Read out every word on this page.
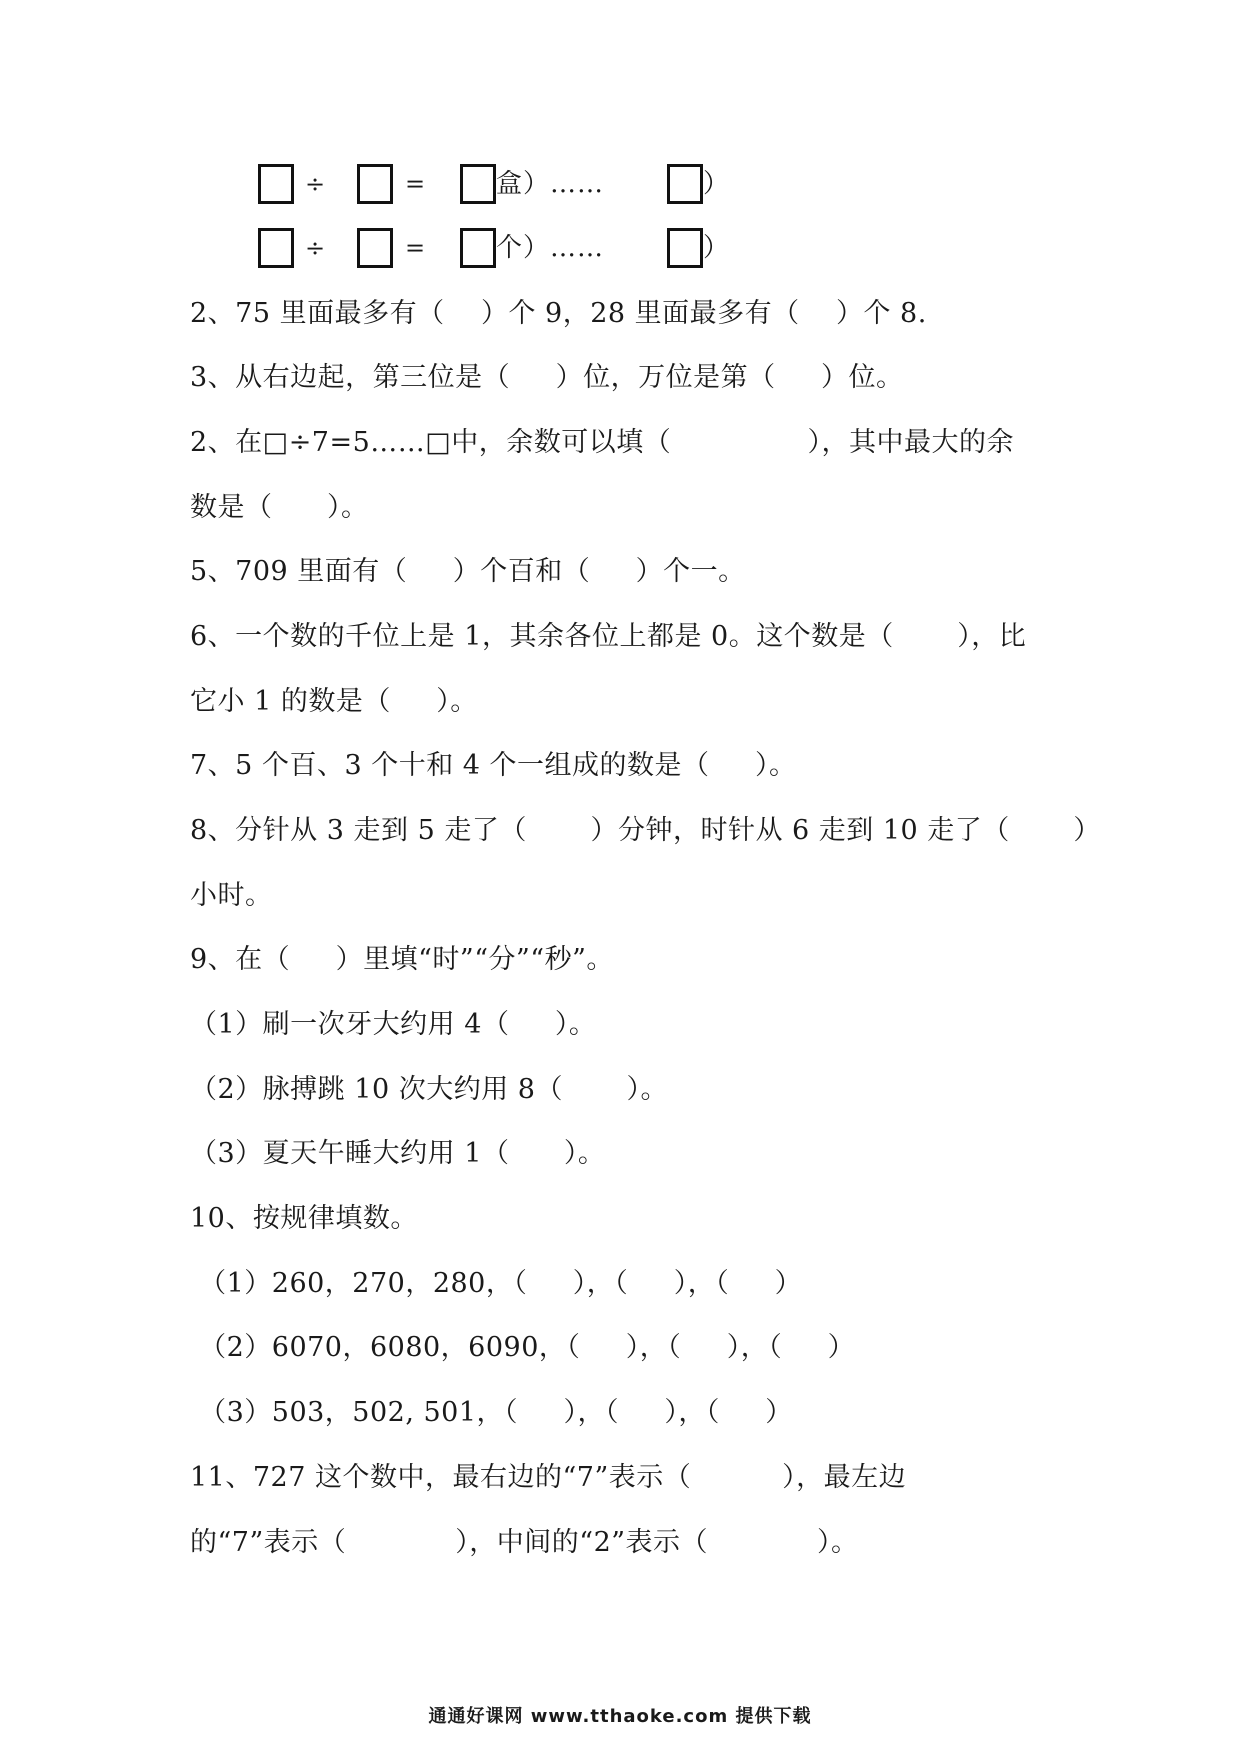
÷	=	盒）……	）
÷	=	个）……	）
2、75 里面最多有（    ）个 9，28 里面最多有（    ）个 8.
3、从右边起，第三位是（     ）位，万位是第（     ）位。
2、在□÷7=5……□中，余数可以填（               ），其中最大的余
数是（      ）。
5、709 里面有（     ）个百和（     ）个一。
6、一个数的千位上是 1，其余各位上都是 0。这个数是（       ），比
它小 1 的数是（     ）。
7、5 个百、3 个十和 4 个一组成的数是（     ）。
8、分针从 3 走到 5 走了（       ）分钟，时针从 6 走到 10 走了（       ）
小时。
9、在（     ）里填“时”“分”“秒”。
（1）刷一次牙大约用 4（     ）。
（2）脉搏跳 10 次大约用 8（       ）。
（3）夏天午睡大约用 1（      ）。
10、按规律填数。
（1）260，270，280，（     ），（     ），（     ）
（2）6070，6080，6090，（     ），（     ），（     ）
（3）503，502, 501，（     ），（     ），（     ）
11、727 这个数中，最右边的“7”表示（          ），最左边
的“7”表示（            ），中间的“2”表示（            ）。
通通好课网 www.tthaoke.com 提供下载
